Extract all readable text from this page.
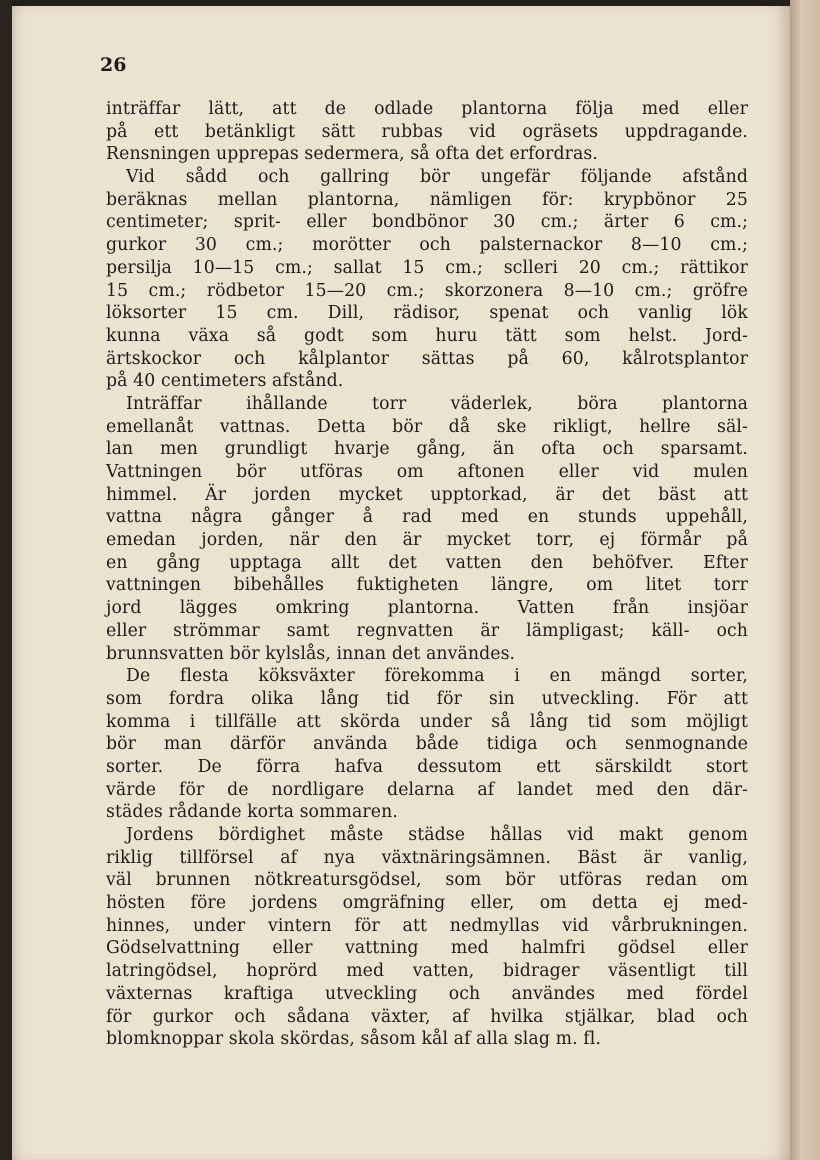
26
inträffar lätt, att de odlade plantorna följa med eller
på ett betänkligt sätt rubbas vid ogräsets uppdragande.
Rensningen upprepas sedermera, så ofta det erfordras.
Vid sådd och gallring bör ungefär följande afstånd
beräknas mellan plantorna, nämligen för: krypbönor 25
centimeter; sprit- eller bondbönor 30 cm.; ärter 6 cm.;
gurkor 30 cm.; morötter och palsternackor 8—10 cm.;
persilja 10—15 cm.; sallat 15 cm.; sclleri 20 cm.; rättikor
15 cm.; rödbetor 15—20 cm.; skorzonera 8—10 cm.; gröfre
löksorter 15 cm. Dill, rädisor, spenat och vanlig lök
kunna växa så godt som huru tätt som helst. Jord-
ärtskockor och kålplantor sättas på 60, kålrotsplantor
på 40 centimeters afstånd.
Inträffar ihållande torr väderlek, böra plantorna
emellanåt vattnas. Detta bör då ske rikligt, hellre säl-
lan men grundligt hvarje gång, än ofta och sparsamt.
Vattningen bör utföras om aftonen eller vid mulen
himmel. Är jorden mycket upptorkad, är det bäst att
vattna några gånger å rad med en stunds uppehåll,
emedan jorden, när den är mycket torr, ej förmår på
en gång upptaga allt det vatten den behöfver. Efter
vattningen bibehålles fuktigheten längre, om litet torr
jord lägges omkring plantorna. Vatten från insjöar
eller strömmar samt regnvatten är lämpligast; käll- och
brunnsvatten bör kylslås, innan det användes.
De flesta köksväxter förekomma i en mängd sorter,
som fordra olika lång tid för sin utveckling. För att
komma i tillfälle att skörda under så lång tid som möjligt
bör man därför använda både tidiga och senmognande
sorter. De förra hafva dessutom ett särskildt stort
värde för de nordligare delarna af landet med den där-
städes rådande korta sommaren.
Jordens bördighet måste städse hållas vid makt genom
riklig tillförsel af nya växtnäringsämnen. Bäst är vanlig,
väl brunnen nötkreatursgödsel, som bör utföras redan om
hösten före jordens omgräfning eller, om detta ej med-
hinnes, under vintern för att nedmyllas vid vårbrukningen.
Gödselvattning eller vattning med halmfri gödsel eller
latringödsel, hoprörd med vatten, bidrager väsentligt till
växternas kraftiga utveckling och användes med fördel
för gurkor och sådana växter, af hvilka stjälkar, blad och
blomknoppar skola skördas, såsom kål af alla slag m. fl.
